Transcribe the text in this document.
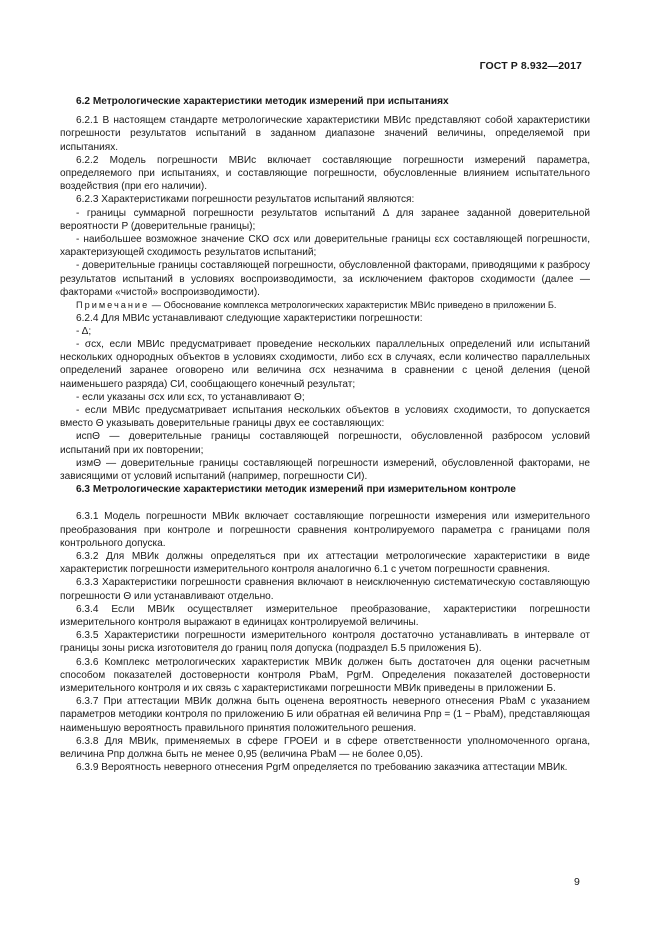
ГОСТ Р 8.932—2017
6.2 Метрологические характеристики методик измерений при испытаниях

6.2.1 В настоящем стандарте метрологические характеристики МВИс представляют собой характеристики погрешности результатов испытаний в заданном диапазоне значений величины, определяемой при испытаниях.

6.2.2 Модель погрешности МВИс включает составляющие погрешности измерений параметра, определяемого при испытаниях, и составляющие погрешности, обусловленные влиянием испытательного воздействия (при его наличии).

6.2.3 Характеристиками погрешности результатов испытаний являются:

- границы суммарной погрешности результатов испытаний Δ для заранее заданной доверительной вероятности P (доверительные границы);

- наибольшее возможное значение СКО σсх или доверительные границы εсх составляющей погрешности, характеризующей сходимость результатов испытаний;

- доверительные границы составляющей погрешности, обусловленной факторами, приводящими к разбросу результатов испытаний в условиях воспроизводимости, за исключением факторов сходимости (далее — факторами «чистой» воспроизводимости).

Примечание — Обоснование комплекса метрологических характеристик МВИс приведено в приложении Б.

6.2.4 Для МВИс устанавливают следующие характеристики погрешности:

- Δ;

- σсх, если МВИс предусматривает проведение нескольких параллельных определений или испытаний нескольких однородных объектов в условиях сходимости, либо εсх в случаях, если количество параллельных определений заранее оговорено или величина σсх незначима в сравнении с ценой деления (ценой наименьшего разряда) СИ, сообщающего конечный результат;

- если указаны σсх или εсх, то устанавливают Θ;

- если МВИс предусматривает испытания нескольких объектов в условиях сходимости, то допускается вместо Θ указывать доверительные границы двух ее составляющих:

испΘ — доверительные границы составляющей погрешности, обусловленной разбросом условий испытаний при их повторении;

измΘ — доверительные границы составляющей погрешности измерений, обусловленной факторами, не зависящими от условий испытаний (например, погрешности СИ).

6.3 Метрологические характеристики методик измерений при измерительном контроле

6.3.1 Модель погрешности МВИк включает составляющие погрешности измерения или измерительного преобразования при контроле и погрешности сравнения контролируемого параметра с границами поля контрольного допуска.

6.3.2 Для МВИк должны определяться при их аттестации метрологические характеристики в виде характеристик погрешности измерительного контроля аналогично 6.1 с учетом погрешности сравнения.

6.3.3 Характеристики погрешности сравнения включают в неисключенную систематическую составляющую погрешности Θ или устанавливают отдельно.

6.3.4 Если МВИк осуществляет измерительное преобразование, характеристики погрешности измерительного контроля выражают в единицах контролируемой величины.

6.3.5 Характеристики погрешности измерительного контроля достаточно устанавливать в интервале от границы зоны риска изготовителя до границ поля допуска (подраздел Б.5 приложения Б).

6.3.6 Комплекс метрологических характеристик МВИк должен быть достаточен для оценки расчетным способом показателей достоверности контроля PbaM, PgrM. Определения показателей достоверности измерительного контроля и их связь с характеристиками погрешности МВИк приведены в приложении Б.

6.3.7 При аттестации МВИк должна быть оценена вероятность неверного отнесения PbaM с указанием параметров методики контроля по приложению Б или обратная ей величина Pпр = (1 − PbaM), представляющая наименьшую вероятность правильного принятия положительного решения.

6.3.8 Для МВИк, применяемых в сфере ГРОЕИ и в сфере ответственности уполномоченного органа, величина Pпр должна быть не менее 0,95 (величина PbaM — не более 0,05).

6.3.9 Вероятность неверного отнесения PgrM определяется по требованию заказчика аттестации МВИк.

9
